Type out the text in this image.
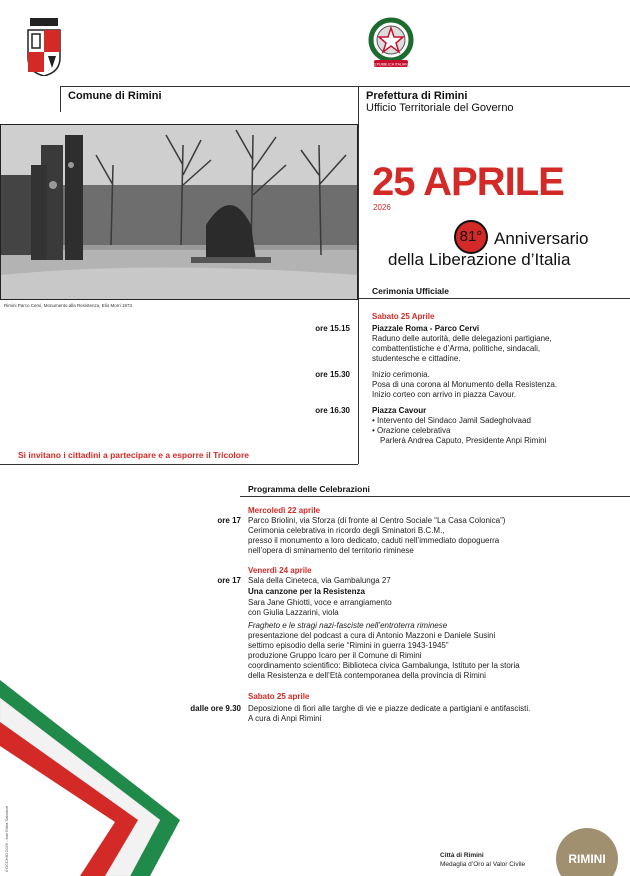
REPUBBLICA ITALIANA
Comune di Rimini	Prefettura di Rimini
Ufficio Territoriale del Governo
Rimini Parco Cervi, Monumento alla Resistenza, Elio Morri 1973
25 APRILE
2026
81° Anniversario
della Liberazione d’Italia
Cerimonia Ufficiale
Sabato 25 Aprile
ore 15.15	Piazzale Roma - Parco Cervi
Raduno delle autorità, delle delegazioni partigiane,
combattentistiche e d’Arma, politiche, sindacali,
studentesche e cittadine.
ore 15.30	Inizio cerimonia.
Posa di una corona al Monumento della Resistenza.
Inizio corteo con arrivo in piazza Cavour.
ore 16.30	Piazza Cavour
• Intervento del Sindaco Jamil Sadegholvaad
• Orazione celebrativa
Parlerà Andrea Caputo, Presidente Anpi Rimini
Si invitano i cittadini a partecipare e a esporre il Tricolore
Programma delle Celebrazioni
Mercoledì 22 aprile
ore 17 Parco Briolini, via Sforza (di fronte al Centro Sociale “La Casa Colonica”)
Cerimonia celebrativa in ricordo degli Sminatori B.C.M.,
presso il monumento a loro dedicato, caduti nell’immediato dopoguerra
nell’opera di sminamento del territorio riminese
Venerdì 24 aprile
ore 17 Sala della Cineteca, via Gambalunga 27
Una canzone per la Resistenza
Sara Jane Ghiotti, voce e arrangiamento
con Giulia Lazzarini, viola
Fragheto e le stragi nazi-fasciste nell’entroterra riminese
presentazione del podcast a cura di Antonio Mazzoni e Daniele Susini
settimo episodio della serie “Rimini in guerra 1943-1945”
produzione Gruppo Icaro per il Comune di Rimini
coordinamento scientifico: Biblioteca civica Gambalunga, Istituto per la storia
della Resistenza e dell’Età contemporanea della provincia di Rimini
Sabato 25 aprile
dalle ore 9.30 Deposizione di fiori alle targhe di vie e piazze dedicate a partigiani e antifascisti.
A cura di Anpi Rimini
il OCCHIO 2026 - foto Erika Salvatori	Città di Rimini
Medaglia d’Oro al Valor Civile	RIMINI
